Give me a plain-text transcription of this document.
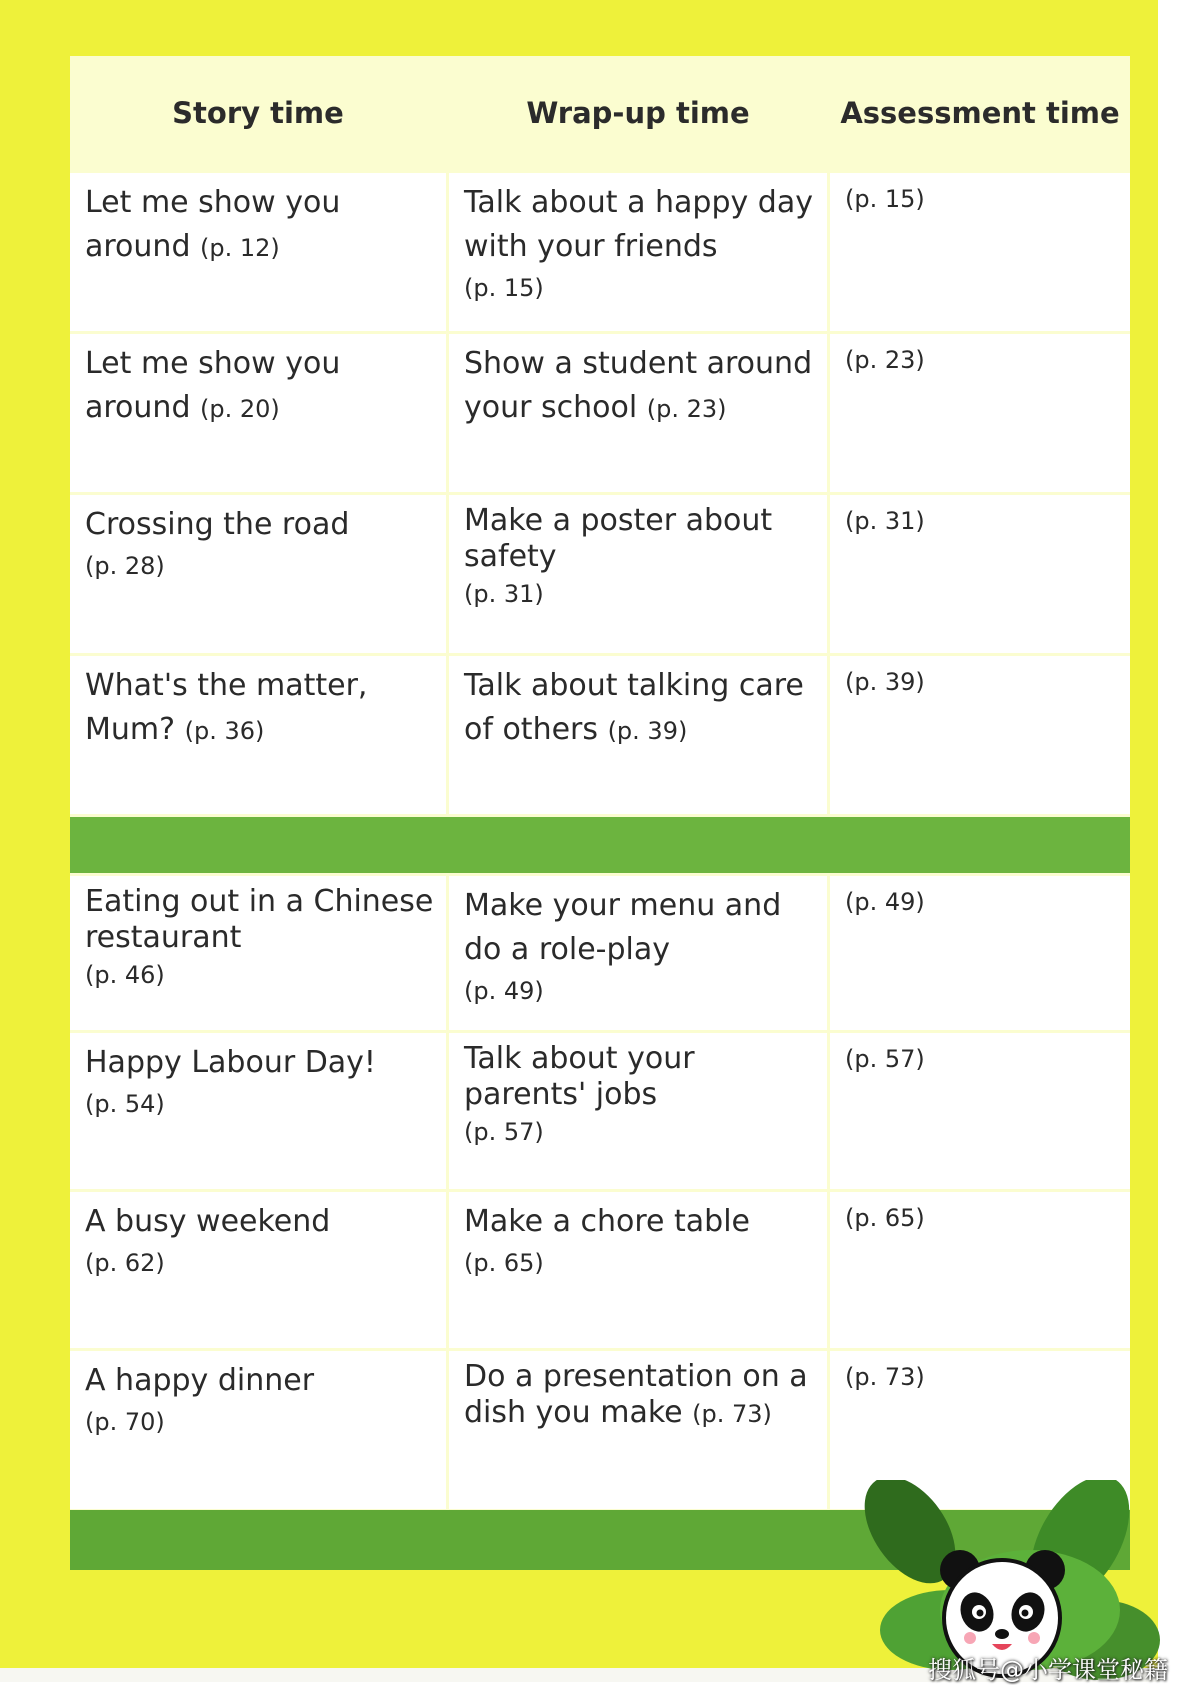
Story time	Wrap-up time	Assessment time
Let me show you around (p. 12)
Talk about a happy day with your friends
(p. 15)
(p. 15)
Let me show you around (p. 20)
Show a student around your school (p. 23)
(p. 23)
Crossing the road
(p. 28)
Make a poster about safety
(p. 31)
(p. 31)
What's the matter, Mum? (p. 36)
Talk about talking care of others (p. 39)
(p. 39)
Eating out in a Chinese restaurant
(p. 46)
Make your menu and do a role-play
(p. 49)
(p. 49)
Happy Labour Day!
(p. 54)
Talk about your parents' jobs
(p. 57)
(p. 57)
A busy weekend
(p. 62)
Make a chore table
(p. 65)
(p. 65)
A happy dinner
(p. 70)
Do a presentation on a dish you make (p. 73)
(p. 73)
搜狐号@小学课堂秘籍
